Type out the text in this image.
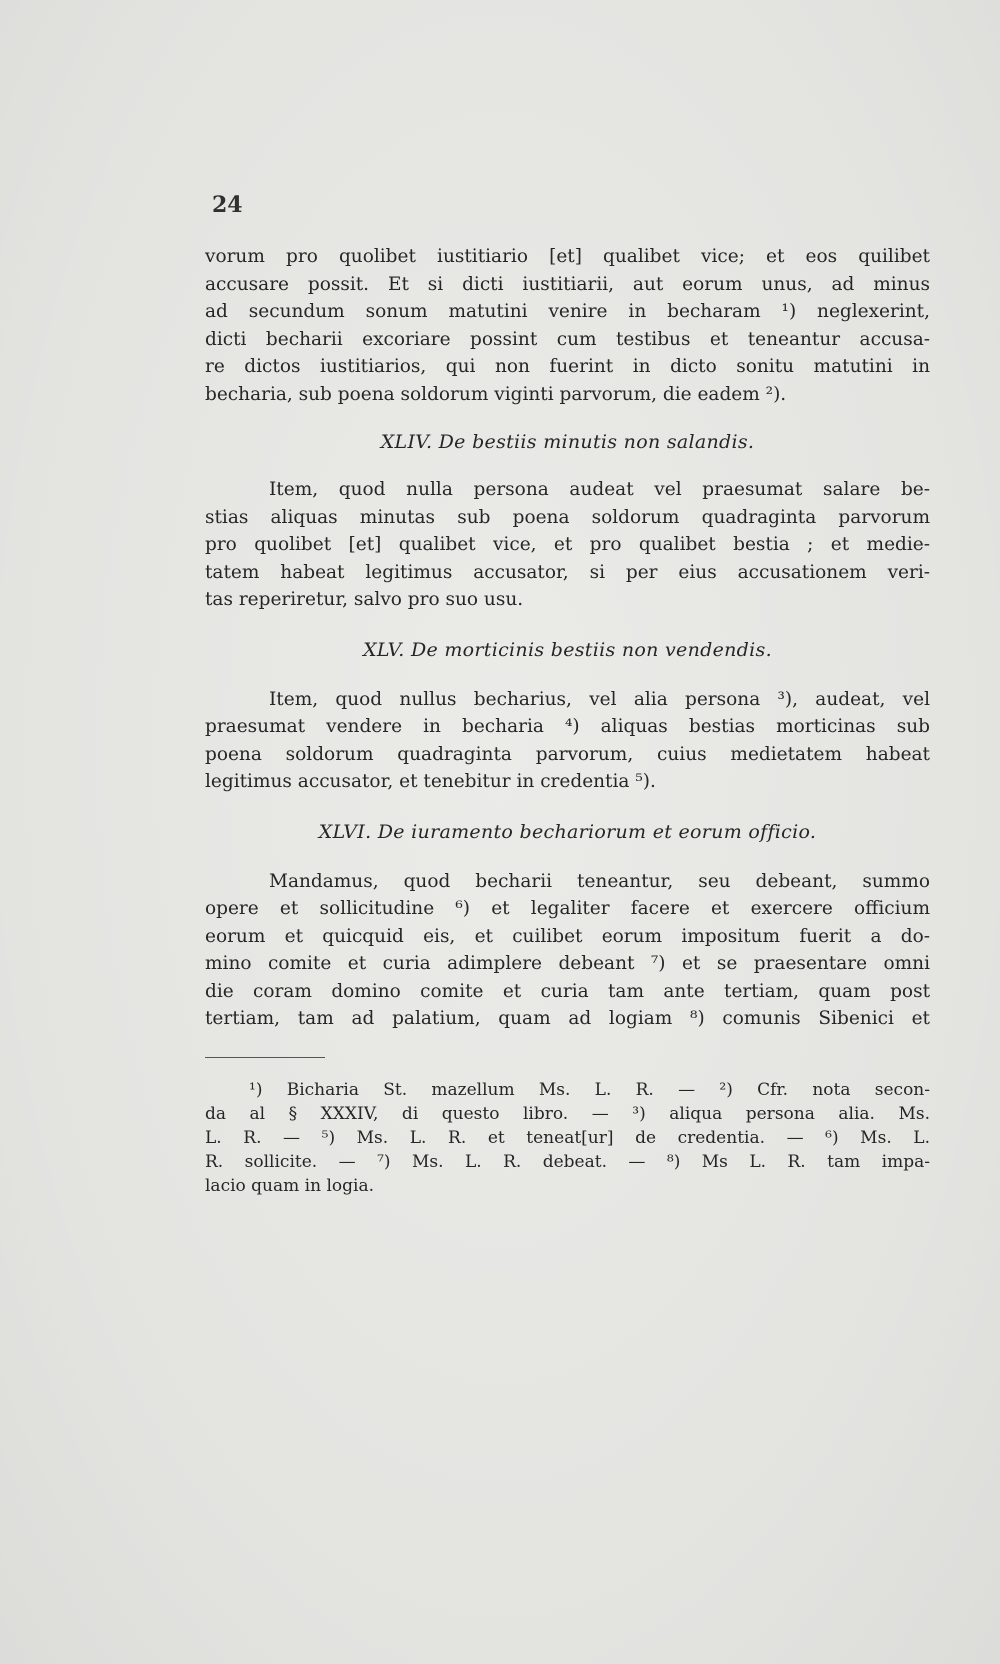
24
vorum pro quolibet iustitiario [et] qualibet vice; et eos quilibet
accusare possit. Et si dicti iustitiarii, aut eorum unus, ad minus
ad secundum sonum matutini venire in becharam ¹) neglexerint,
dicti becharii excoriare possint cum testibus et teneantur accusa-
re dictos iustitiarios, qui non fuerint in dicto sonitu matutini in
becharia, sub poena soldorum viginti parvorum, die eadem ²).
XLIV. De bestiis minutis non salandis.
Item, quod nulla persona audeat vel praesumat salare be-
stias aliquas minutas sub poena soldorum quadraginta parvorum
pro quolibet [et] qualibet vice, et pro qualibet bestia ; et medie-
tatem habeat legitimus accusator, si per eius accusationem veri-
tas reperiretur, salvo pro suo usu.
XLV. De morticinis bestiis non vendendis.
Item, quod nullus becharius, vel alia persona ³), audeat, vel
praesumat vendere in becharia ⁴) aliquas bestias morticinas sub
poena soldorum quadraginta parvorum, cuius medietatem habeat
legitimus accusator, et tenebitur in credentia ⁵).
XLVI. De iuramento bechariorum et eorum officio.
Mandamus, quod becharii teneantur, seu debeant, summo
opere et sollicitudine ⁶) et legaliter facere et exercere officium
eorum et quicquid eis, et cuilibet eorum impositum fuerit a do-
mino comite et curia adimplere debeant ⁷) et se praesentare omni
die coram domino comite et curia tam ante tertiam, quam post
tertiam, tam ad palatium, quam ad logiam ⁸) comunis Sibenici et
¹) Bicharia St. mazellum Ms. L. R. — ²) Cfr. nota secon-
da al § XXXIV, di questo libro. — ³) aliqua persona alia. Ms.
L. R. — ⁵) Ms. L. R. et teneat[ur] de credentia. — ⁶) Ms. L.
R. sollicite. — ⁷) Ms. L. R. debeat. — ⁸) Ms L. R. tam impa-
lacio quam in logia.
